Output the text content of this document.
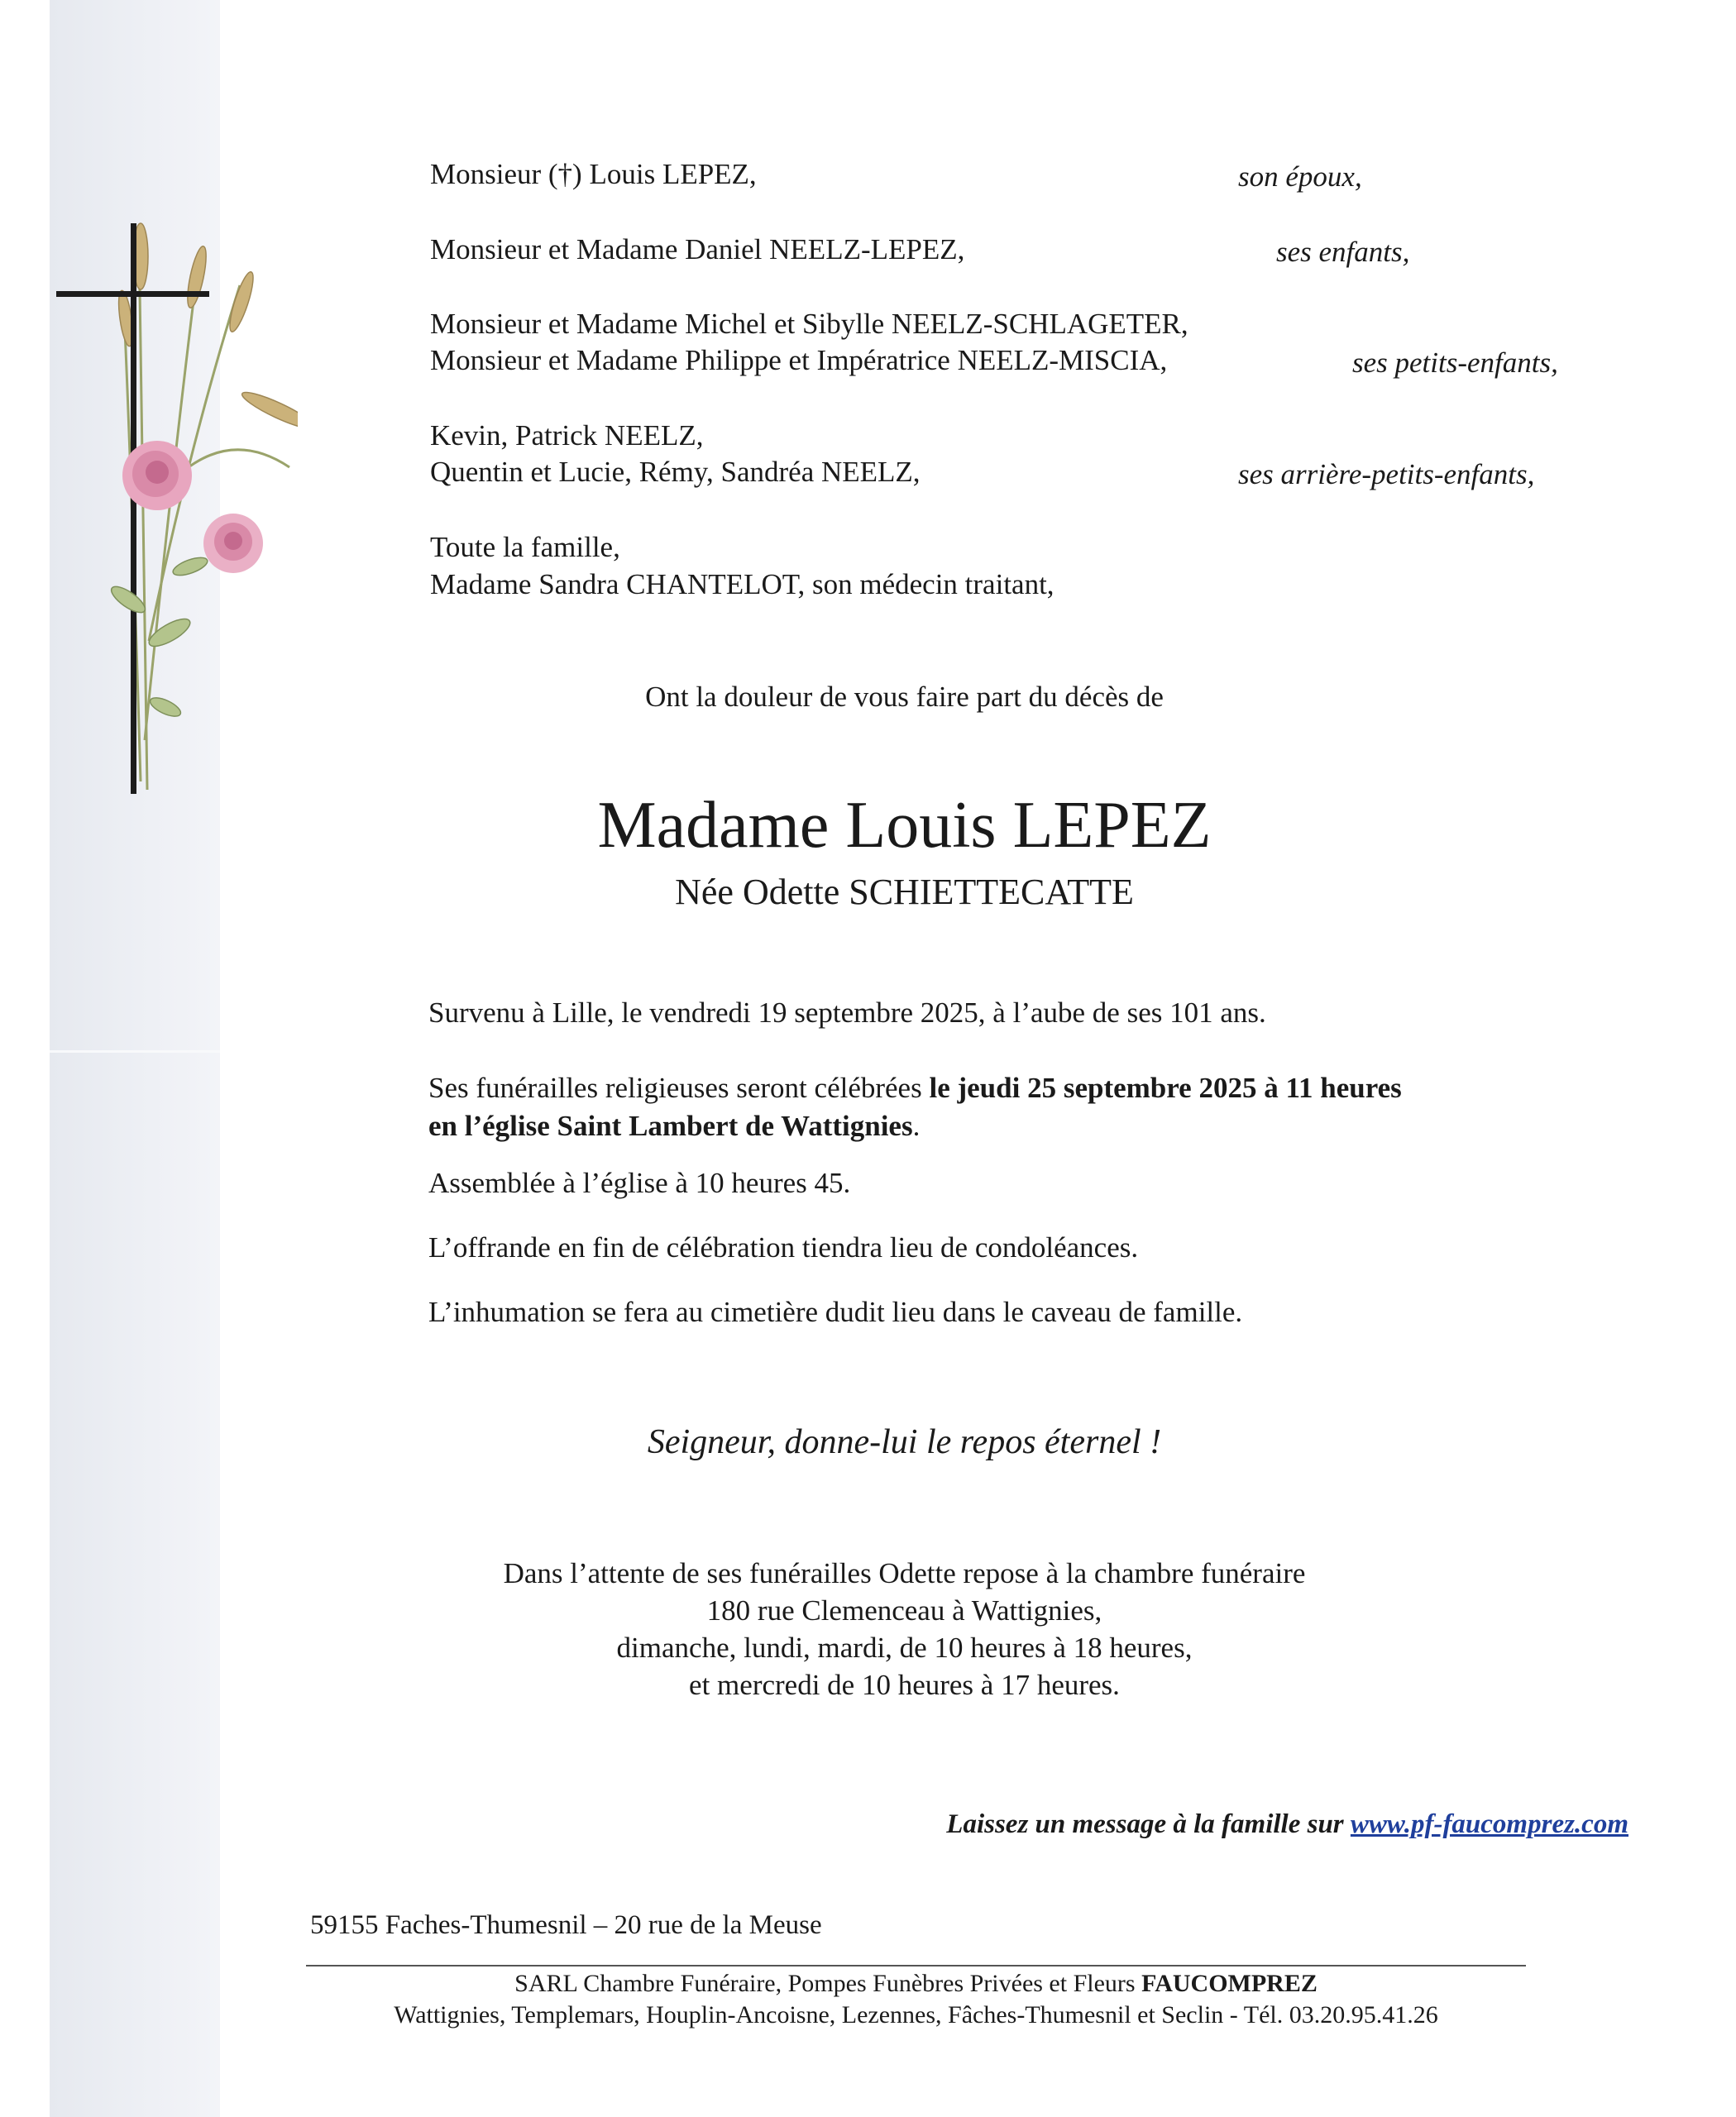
Monsieur (†) Louis LEPEZ,	son époux,
Monsieur et Madame Daniel NEELZ-LEPEZ,	ses enfants,
Monsieur et Madame Michel et Sibylle NEELZ-SCHLAGETER,
Monsieur et Madame Philippe et Impératrice NEELZ-MISCIA,	ses petits-enfants,
Kevin, Patrick NEELZ,
Quentin et Lucie, Rémy, Sandréa NEELZ,	ses arrière-petits-enfants,
Toute la famille,
Madame Sandra CHANTELOT, son médecin traitant,
Ont la douleur de vous faire part du décès de
Madame Louis LEPEZ
Née Odette SCHIETTECATTE
Survenu à Lille, le vendredi 19 septembre 2025, à l’aube de ses 101 ans.
Ses funérailles religieuses seront célébrées le jeudi 25 septembre 2025 à 11 heures
en l’église Saint Lambert de Wattignies.
Assemblée à l’église à 10 heures 45.
L’offrande en fin de célébration tiendra lieu de condoléances.
L’inhumation se fera au cimetière dudit lieu dans le caveau de famille.
Seigneur, donne-lui le repos éternel !
Dans l’attente de ses funérailles Odette repose à la chambre funéraire
180 rue Clemenceau à Wattignies,
dimanche, lundi, mardi, de 10 heures à 18 heures,
et mercredi de 10 heures à 17 heures.
Laissez un message à la famille sur www.pf-faucomprez.com
59155 Faches-Thumesnil – 20 rue de la Meuse
SARL Chambre Funéraire, Pompes Funèbres Privées et Fleurs FAUCOMPREZ
Wattignies, Templemars, Houplin-Ancoisne, Lezennes, Fâches-Thumesnil et Seclin - Tél. 03.20.95.41.26
